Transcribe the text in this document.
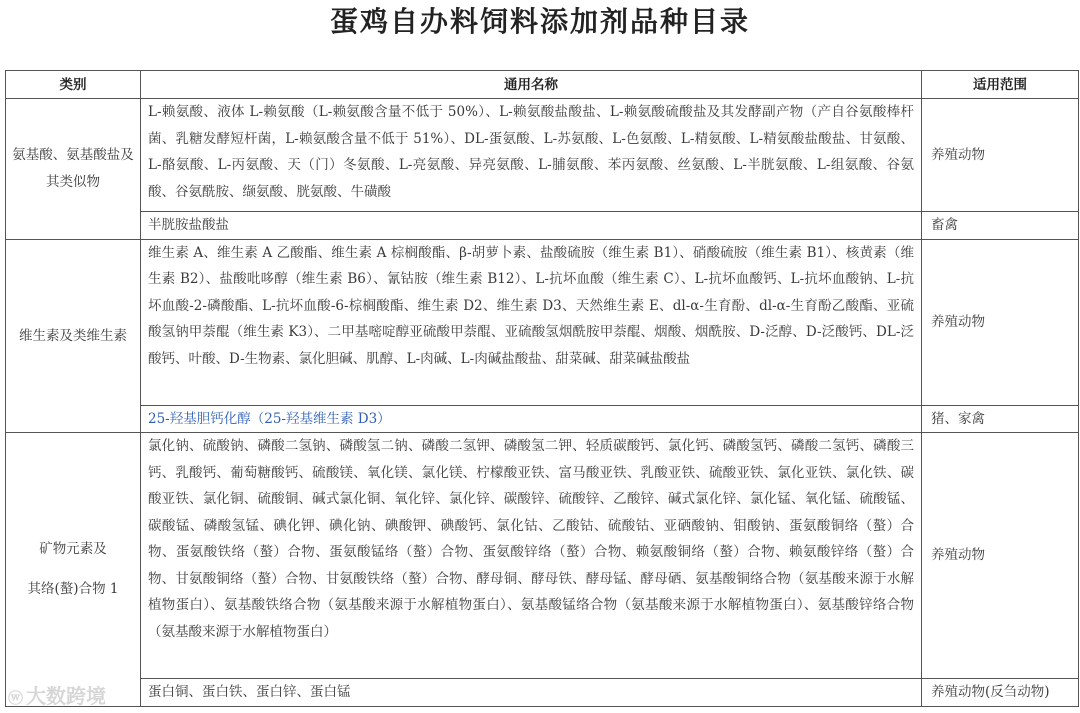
蛋鸡自办料饲料添加剂品种目录
类别	通用名称	适用范围
氨基酸、氨基酸盐及其类似物	L-赖氨酸、液体 L-赖氨酸（L-赖氨酸含量不低于 50%）、L-赖氨酸盐酸盐、L-赖氨酸硫酸盐及其发酵副产物（产自谷氨酸棒杆菌、乳糖发酵短杆菌，L-赖氨酸含量不低于 51%）、DL-蛋氨酸、L-苏氨酸、L-色氨酸、L-精氨酸、L-精氨酸盐酸盐、甘氨酸、L-酪氨酸、L-丙氨酸、天（门）冬氨酸、L-亮氨酸、异亮氨酸、L-脯氨酸、苯丙氨酸、丝氨酸、L-半胱氨酸、L-组氨酸、谷氨酸、谷氨酰胺、缬氨酸、胱氨酸、牛磺酸	养殖动物
	半胱胺盐酸盐	畜禽
维生素及类维生素	维生素 A、维生素 A 乙酸酯、维生素 A 棕榈酸酯、β-胡萝卜素、盐酸硫胺（维生素 B1）、硝酸硫胺（维生素 B1）、核黄素（维生素 B2）、盐酸吡哆醇（维生素 B6）、氰钴胺（维生素 B12）、L-抗坏血酸（维生素 C）、L-抗坏血酸钙、L-抗坏血酸钠、L-抗坏血酸-2-磷酸酯、L-抗坏血酸-6-棕榈酸酯、维生素 D2、维生素 D3、天然维生素 E、dl-α-生育酚、dl-α-生育酚乙酸酯、亚硫酸氢钠甲萘醌（维生素 K3）、二甲基嘧啶醇亚硫酸甲萘醌、亚硫酸氢烟酰胺甲萘醌、烟酸、烟酰胺、D-泛醇、D-泛酸钙、DL-泛酸钙、叶酸、D-生物素、氯化胆碱、肌醇、L-肉碱、L-肉碱盐酸盐、甜菜碱、甜菜碱盐酸盐	养殖动物
	25-羟基胆钙化醇（25-羟基维生素 D3）	猪、家禽

矿物元素及
其络(螯)合物 1	氯化钠、硫酸钠、磷酸二氢钠、磷酸氢二钠、磷酸二氢钾、磷酸氢二钾、轻质碳酸钙、氯化钙、磷酸氢钙、磷酸二氢钙、磷酸三钙、乳酸钙、葡萄糖酸钙、硫酸镁、氧化镁、氯化镁、柠檬酸亚铁、富马酸亚铁、乳酸亚铁、硫酸亚铁、氯化亚铁、氯化铁、碳酸亚铁、氯化铜、硫酸铜、碱式氯化铜、氧化锌、氯化锌、碳酸锌、硫酸锌、乙酸锌、碱式氯化锌、氯化锰、氧化锰、硫酸锰、碳酸锰、磷酸氢锰、碘化钾、碘化钠、碘酸钾、碘酸钙、氯化钴、乙酸钴、硫酸钴、亚硒酸钠、钼酸钠、蛋氨酸铜络（螯）合物、蛋氨酸铁络（螯）合物、蛋氨酸锰络（螯）合物、蛋氨酸锌络（螯）合物、赖氨酸铜络（螯）合物、赖氨酸锌络（螯）合物、甘氨酸铜络（螯）合物、甘氨酸铁络（螯）合物、酵母铜、酵母铁、酵母锰、酵母硒、氨基酸铜络合物（氨基酸来源于水解植物蛋白）、氨基酸铁络合物（氨基酸来源于水解植物蛋白）、氨基酸锰络合物（氨基酸来源于水解植物蛋白）、氨基酸锌络合物（氨基酸来源于水解植物蛋白）	养殖动物
	蛋白铜、蛋白铁、蛋白锌、蛋白锰	养殖动物(反刍动物)
ⓦ 大数跨境
